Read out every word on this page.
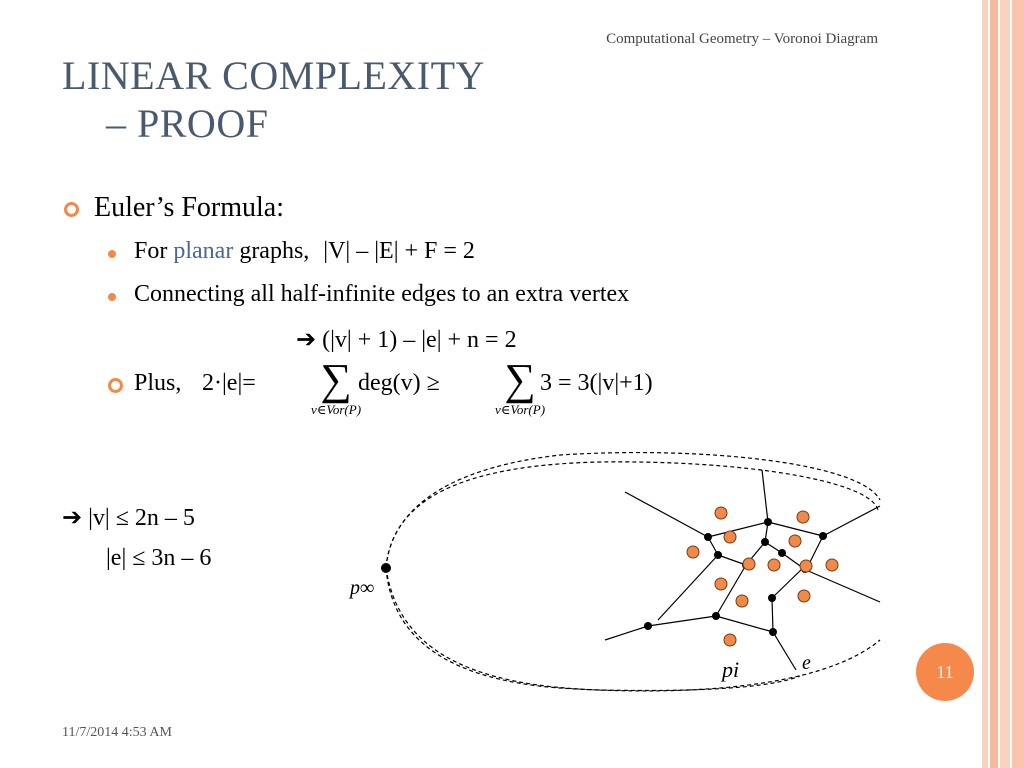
Computational Geometry – Voronoi Diagram
LINEAR COMPLEXITY
– PROOF
Euler’s Formula:
For planar graphs, |V| – |E| + F = 2
Connecting all half-infinite edges to an extra vertex
➔ (|v| + 1) – |e| + n = 2
Plus, 2·|e|=	∑
v∈Vor(P)
deg(v) ≥	∑
v∈Vor(P)
3 = 3(|v|+1)
➔ |v| ≤ 2n – 5
|e| ≤ 3n – 6
p∞
pi	e	11
11/7/2014 4:53 AM
